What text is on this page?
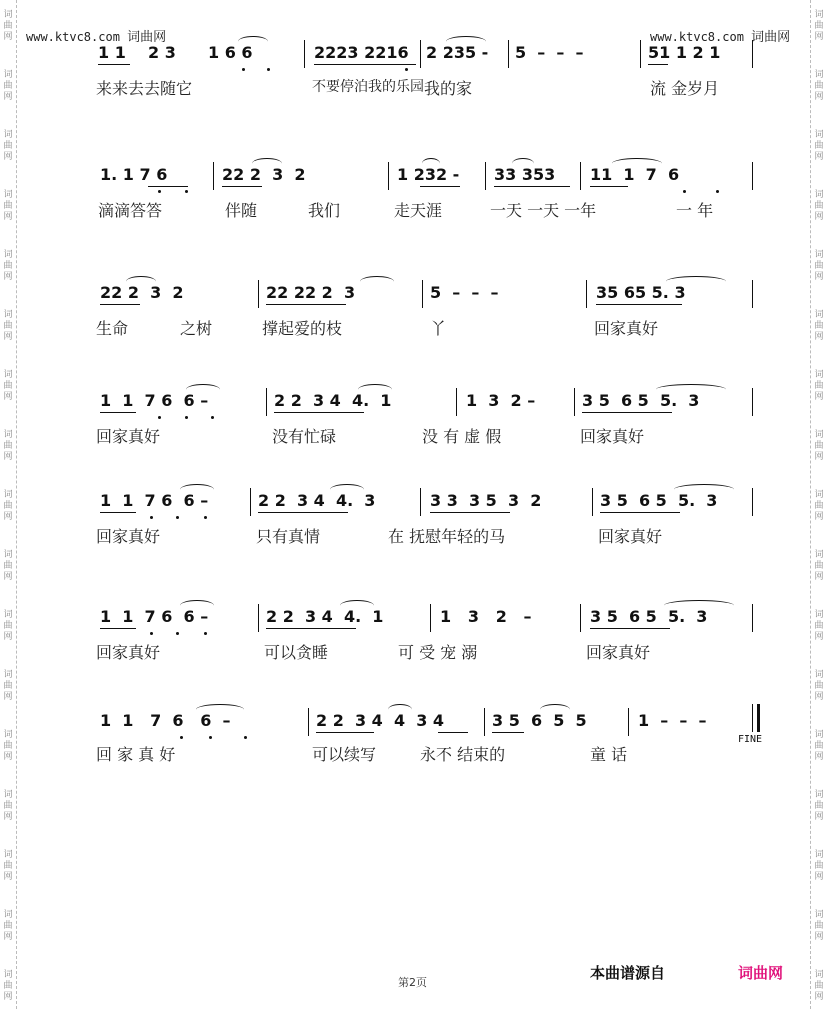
词曲网
词曲网
词曲网
词曲网
词曲网
词曲网
词曲网
词曲网
词曲网
词曲网
词曲网
词曲网
词曲网
词曲网
词曲网
词曲网
词曲网
词曲网
词曲网
词曲网
词曲网
词曲网
词曲网
词曲网
词曲网
词曲网
词曲网
词曲网
词曲网
词曲网
词曲网
词曲网
词曲网
词曲网
www.ktvc8.com 词曲网	www.ktvc8.com 词曲网
1 1 2 3 1 6 6	2223 2216 2 235 - 5  –  –  –	51 1 2 1
来来去去随它	不要停泊我的乐园 我的家	流 金岁月
1. 1 7 6	22 2  3  2	1 232 - 33 353 11  1  7  6
滴滴答答	伴随	我们	走天涯	一天 一天 一年	一 年
22 2  3  2	22 22 2  3	5  –  –  –	35 65 5. 3
生命	之树	撑起爱的枝	丫	回家真好
1  1  7 6  6 –	2 2  3 4  4.  1	1  3  2 –	3 5  6 5  5.  3
回家真好	没有忙碌	没 有 虚 假	回家真好
1  1  7 6  6 –	2 2  3 4  4.  3	3 3  3 5  3  2	3 5  6 5  5.  3
回家真好	只有真情	在 抚慰年轻的马	回家真好
1  1  7 6  6 –	2 2  3 4  4.  1	1   3   2   –	3 5  6 5  5.  3
回家真好	可以贪睡	可 受 宠 溺	回家真好
1  1   7  6   6  –	2 2  3 4  4  3 4	3 5  6  5  5	1  –  –  –
回 家 真 好	可以续写	永不 结束的	童 话
FINE
第2页
本曲谱源自	词曲网
